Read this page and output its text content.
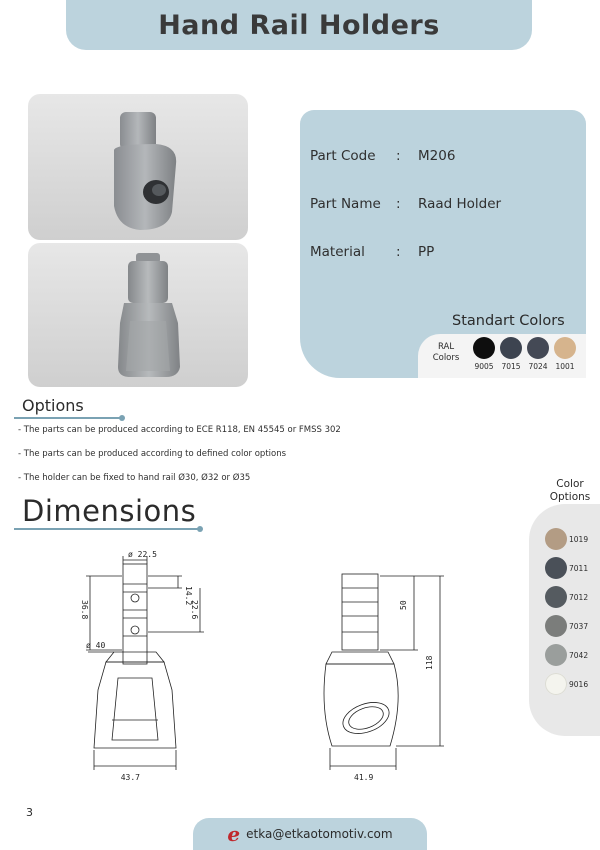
Hand Rail Holders
Part Code : M206
Part Name : Raad Holder
Material : PP
Standart Colors
RAL Colors
9005 7015 7024 1001
Options
- The parts can be produced according to ECE R118, EN 45545 or FMSS 302
- The parts can be produced according to defined color options
- The holder can be fixed to hand rail Ø30, Ø32 or Ø35
Dimensions
Color Options
1019
7011
7012
7037
7042
9016
ø 22.5
43.7
14.2
36.8	22.6
ø 40
41.9
50
118
3
e etka@etkaotomotiv.com
